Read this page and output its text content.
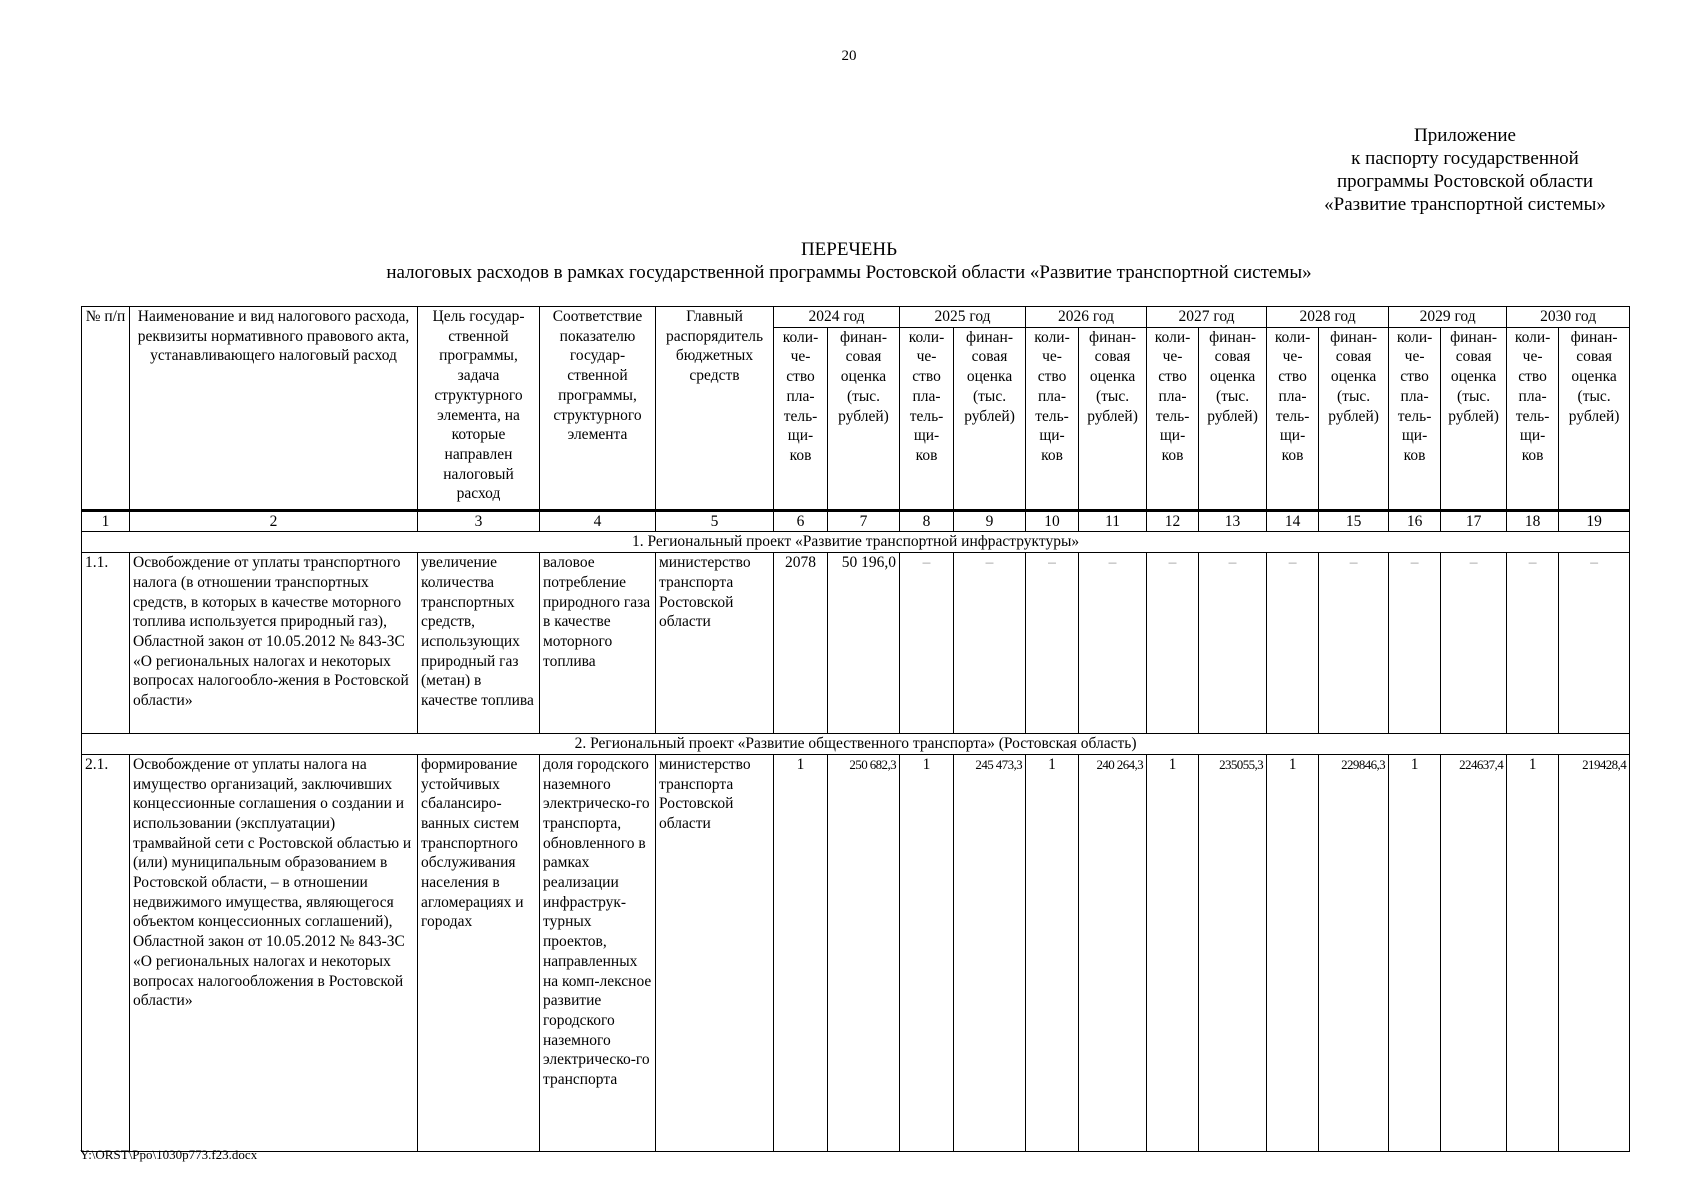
20
Приложение
к паспорту государственной
программы Ростовской области
«Развитие транспортной системы»
ПЕРЕЧЕНЬ
налоговых расходов в рамках государственной программы Ростовской области «Развитие транспортной системы»
№ п/п	Наименование и вид налогового расхода, реквизиты нормативного правового акта, устанавливающего налоговый расход	Цель государ-ственной программы, задача структурного элемента, на которые направлен налоговый расход	Соответствие показателю государ-ственной программы, структурного элемента	Главный распорядитель бюджетных средств	2024 год		2025 год		2026 год		2027 год		2028 год		2029 год		2030 год	
					коли-че-ство пла-тель-щи-ков	финан-совая оценка (тыс. рублей)	коли-че-ство пла-тель-щи-ков	финан-совая оценка (тыс. рублей)	коли-че-ство пла-тель-щи-ков	финан-совая оценка (тыс. рублей)	коли-че-ство пла-тель-щи-ков	финан-совая оценка (тыс. рублей)	коли-че-ство пла-тель-щи-ков	финан-совая оценка (тыс. рублей)	коли-че-ство пла-тель-щи-ков	финан-совая оценка (тыс. рублей)	коли-че-ство пла-тель-щи-ков	финан-совая оценка (тыс. рублей)
1	2	3	4	5	6	7	8	9	10	11	12	13	14	15	16	17	18	19
1. Региональный проект «Развитие транспортной инфраструктуры»																		
1.1.	Освобождение от уплаты транспортного налога (в отношении транспортных средств, в которых в качестве моторного топлива используется природный газ), Областной закон от 10.05.2012 № 843-ЗС «О региональных налогах и некоторых вопросах налогообло-жения в Ростовской области»	увеличение количества транспортных средств, использующих природный газ (метан) в качестве топлива	валовое потребление природного газа в качестве моторного топлива	министерство транспорта Ростовской области	2078	50 196,0	–	–	–	–	–	–	–	–	–	–	–	–
2. Региональный проект «Развитие общественного транспорта» (Ростовская область)																		
2.1.	Освобождение от уплаты налога на имущество организаций, заключивших концессионные соглашения о создании и использовании (эксплуатации) трамвайной сети с Ростовской областью и (или) муниципальным образованием в Ростовской области, – в отношении недвижимого имущества, являющегося объектом концессионных соглашений), Областной закон от 10.05.2012 № 843-ЗС «О региональных налогах и некоторых вопросах налогообложения в Ростовской области»	формирование устойчивых сбалансиро-ванных систем транспортного обслуживания населения в агломерациях и городах	доля городского наземного электрическо-го транспорта, обновленного в рамках реализации инфраструк-турных проектов, направленных на комп-лексное развитие городского наземного электрическо-го транспорта	министерство транспорта Ростовской области	1	250 682,3	1	245 473,3	1	240 264,3	1	235055,3	1	229846,3	1	224637,4	1	219428,4
Y:\ORST\Ppo\1030p773.f23.docx
